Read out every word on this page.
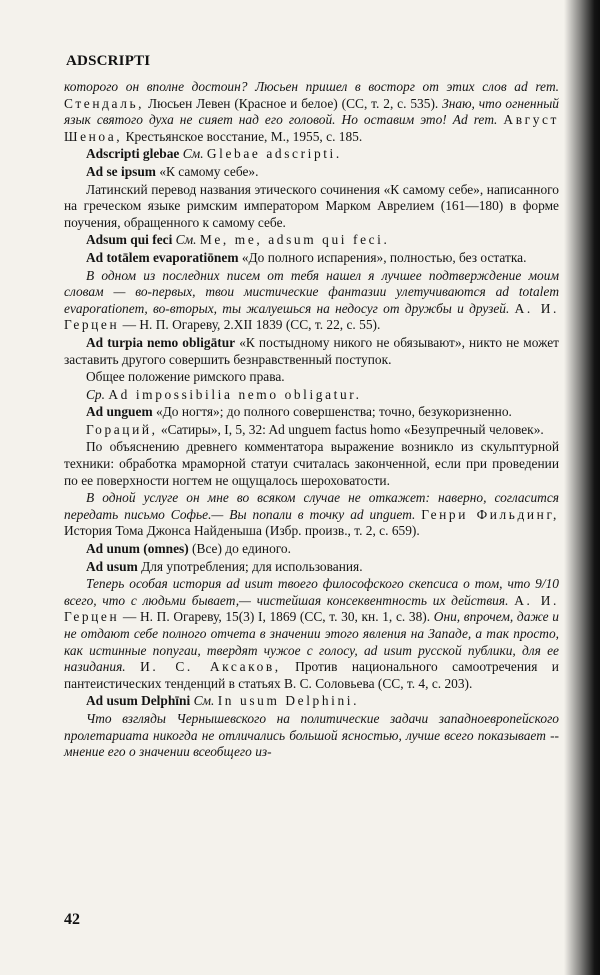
ADSCRIPTI

которого он вполне достоин? Люсьен пришел в восторг от этих слов ad rem. Стендаль, Люсьен Левен (Красное и белое) (СС, т. 2, с. 535). Знаю, что огненный язык святого духа не сияет над его головой. Но оставим это! Ad rem. Август Шеноа, Крестьянское восстание, М., 1955, с. 185.

Adscripti glebae См. Glebae adscripti.

Ad se ipsum «К самому себе».

Латинский перевод названия этического сочинения «К самому себе», написанного на греческом языке римским императором Марком Аврелием (161—180) в форме поучения, обращенного к самому себе.

Adsum qui feci См. Me, me, adsum qui feci.

Ad totālem evaporatiōnem «До полного испарения», полностью, без остатка.

В одном из последних писем от тебя нашел я лучшее подтверждение моим словам — во-первых, твои мистические фантазии улетучиваются ad totalem evaporationem, во-вторых, ты жалуешься на недосуг от дружбы и друзей. А. И. Герцен — Н. П. Огареву, 2.XII 1839 (СС, т. 22, с. 55).

Ad turpia nemo obligātur «К постыдному никого не обязывают», никто не может заставить другого совершить безнравственный поступок.

Общее положение римского права.

Ср. Ad impossibilia nemo obligatur.

Ad unguem «До ногтя»; до полного совершенства; точно, безукоризненно.

Гораций, «Сатиры», I, 5, 32: Ad unguem factus homo «Безупречный человек».

По объяснению древнего комментатора выражение возникло из скульптурной техники: обработка мраморной статуи считалась законченной, если при проведении по ее поверхности ногтем не ощущалось шероховатости.

В одной услуге он мне во всяком случае не откажет: наверно, согласится передать письмо Софье.— Вы попали в точку ad unguem. Генри Фильдинг, История Тома Джонса Найденыша (Избр. произв., т. 2, с. 659).

Ad unum (omnes) (Все) до единого.

Ad usum Для употребления; для использования.

Теперь особая история ad usum твоего философского скепсиса о том, что 9/10 всего, что с людьми бывает,— чистейшая консеквентность их действия. А. И. Герцен — Н. П. Огареву, 15(3) I, 1869 (СС, т. 30, кн. 1, с. 38). Они, впрочем, даже и не отдают себе полного отчета в значении этого явления на Западе, а так просто, как истинные попугаи, твердят чужое с голосу, ad usum русской публики, для ее назидания. И. С. Аксаков, Против национального самоотречения и пантеистических тенденций в статьях В. С. Соловьева (СС, т. 4, с. 203).

Ad usum Delphīni См. In usum Delphini.

Что взгляды Чернышевского на политические задачи западноевропейского пролетариата никогда не отличались большой ясностью, лучше всего показывает -- мнение его о значении всеобщего из-

42
